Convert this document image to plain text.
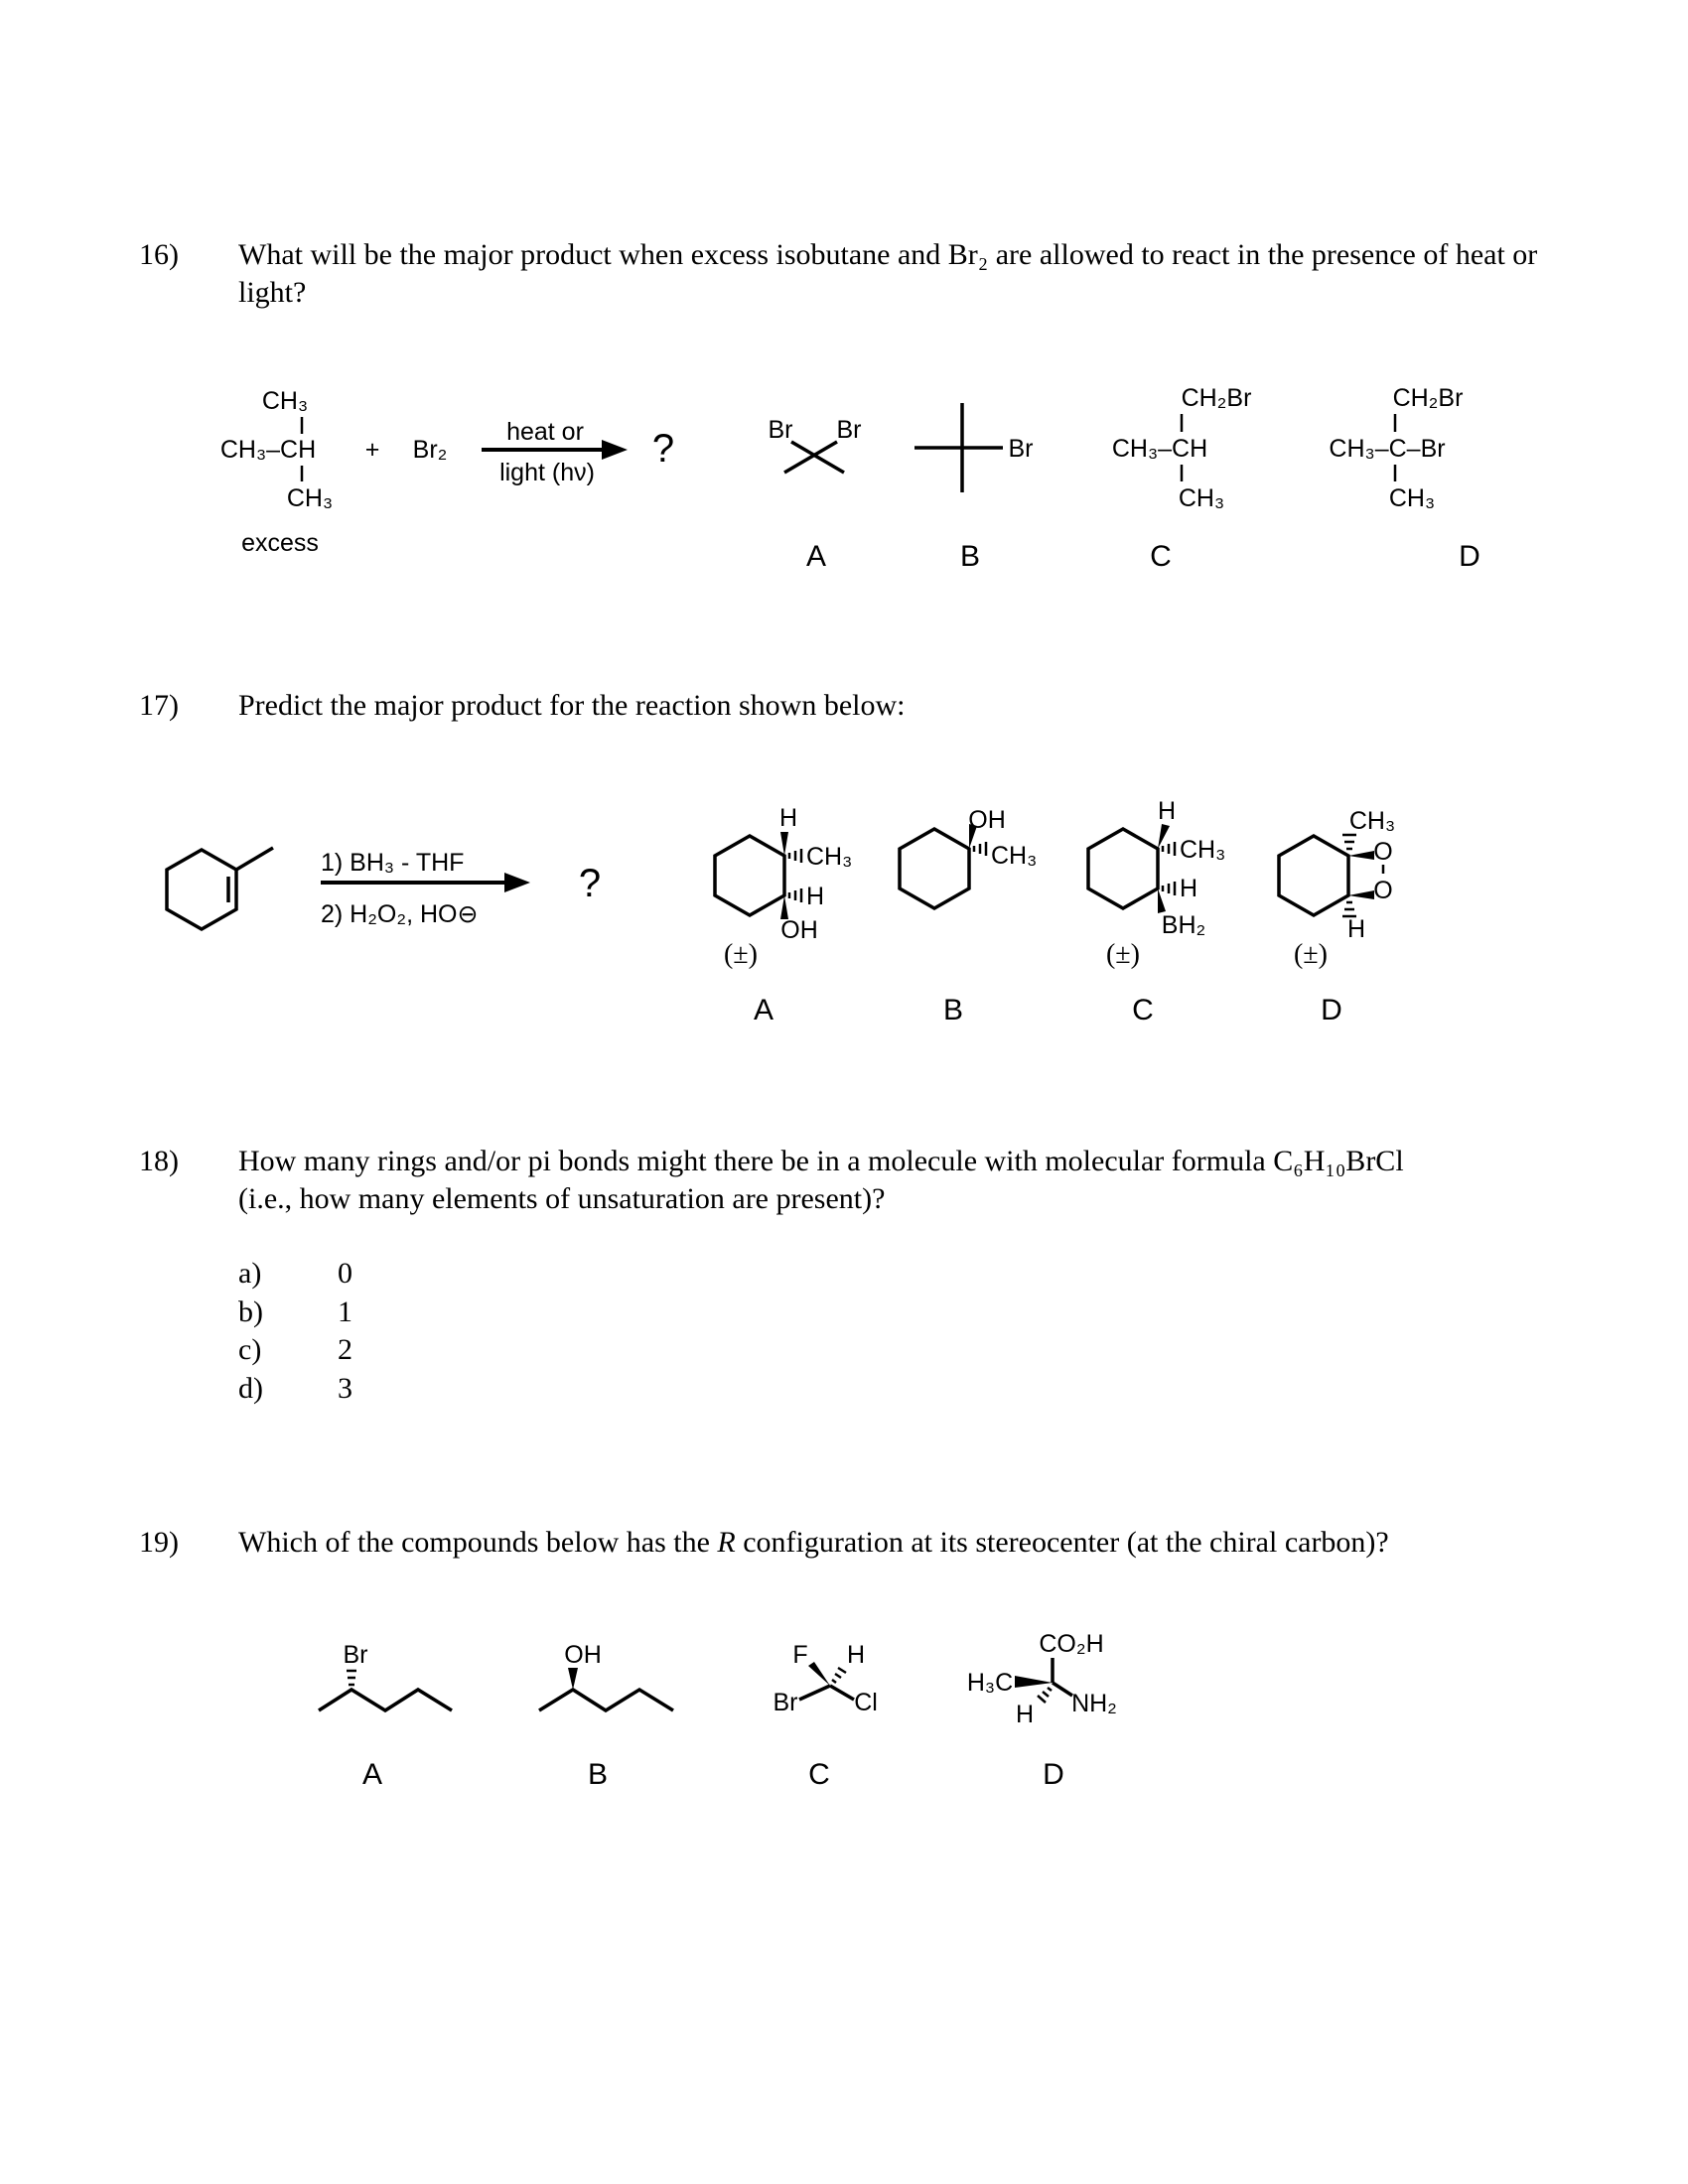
16) What will be the major product when excess isobutane and Br₂ are allowed to react in the presence of heat or light?
17) Predict the major product for the reaction shown below:
18) How many rings and/or pi bonds might there be in a molecule with molecular formula C₆H₁₀BrCl
(i.e., how many elements of unsaturation are present)?
a)	0
b)	1
c)	2
d)	3
19) Which of the compounds below has the R configuration at its stereocenter (at the chiral carbon)?
CH₃
CH₃–CH
CH₃
excess
+ Br₂
heat or
light (hν)
?	Br Br
A
Br
B
CH₂Br
CH₃–CH
CH₃
C
CH₂Br
CH₃–C–Br
CH₃
D
1) BH₃ - THF
2) H₂O₂, HO⊖
?
H
CH₃
H
OH
(±)
A
OH
CH₃
B
H
CH₃
H
BH₂
(±)
C
CH₃
O
O
H
(±)
D
Br
A
OH
B
F H
Br Cl
C
CO₂H
H₃C
NH₂
H
D
